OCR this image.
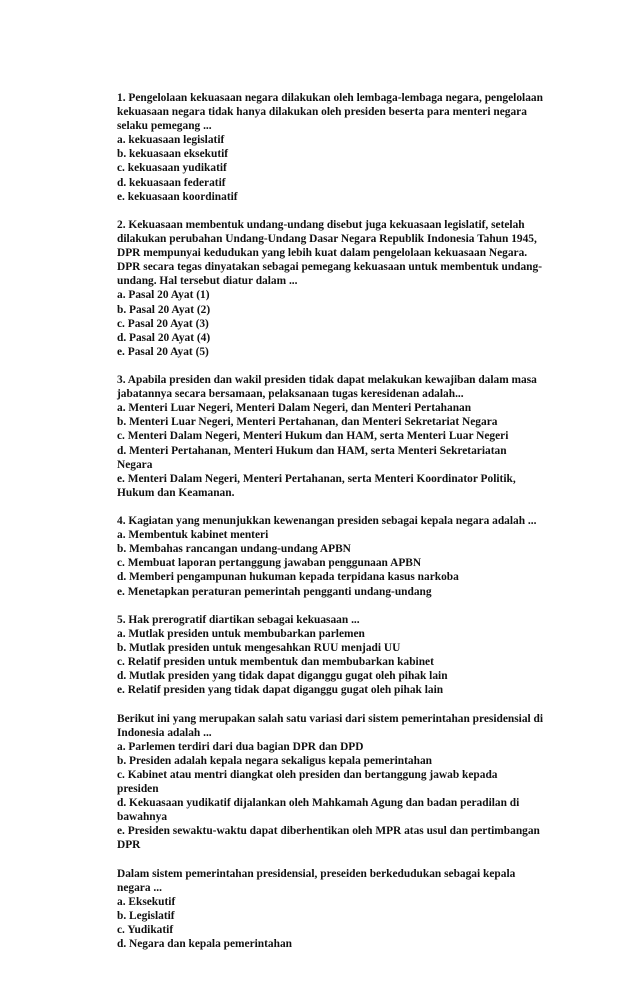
1. Pengelolaan kekuasaan negara dilakukan oleh lembaga-lembaga negara, pengelolaan
kekuasaan negara tidak hanya dilakukan oleh presiden beserta para menteri negara
selaku pemegang ...
a. kekuasaan legislatif
b. kekuasaan eksekutif
c. kekuasaan yudikatif
d. kekuasaan federatif
e. kekuasaan koordinatif
2. Kekuasaan membentuk undang-undang disebut juga kekuasaan legislatif, setelah
dilakukan perubahan Undang-Undang Dasar Negara Republik Indonesia Tahun 1945,
DPR mempunyai kedudukan yang lebih kuat dalam pengelolaan kekuasaan Negara.
DPR secara tegas dinyatakan sebagai pemegang kekuasaan untuk membentuk undang-
undang. Hal tersebut diatur dalam ...
a. Pasal 20 Ayat (1)
b. Pasal 20 Ayat (2)
c. Pasal 20 Ayat (3)
d. Pasal 20 Ayat (4)
e. Pasal 20 Ayat (5)
3. Apabila presiden dan wakil presiden tidak dapat melakukan kewajiban dalam masa
jabatannya secara bersamaan, pelaksanaan tugas keresidenan adalah...
a. Menteri Luar Negeri, Menteri Dalam Negeri, dan Menteri Pertahanan
b. Menteri Luar Negeri, Menteri Pertahanan, dan Menteri Sekretariat Negara
c. Menteri Dalam Negeri, Menteri Hukum dan HAM, serta Menteri Luar Negeri
d. Menteri Pertahanan, Menteri Hukum dan HAM, serta Menteri Sekretariatan
Negara
e. Menteri Dalam Negeri, Menteri Pertahanan, serta Menteri Koordinator Politik,
Hukum dan Keamanan.
4. Kagiatan yang menunjukkan kewenangan presiden sebagai kepala negara adalah ...
a. Membentuk kabinet menteri
b. Membahas rancangan undang-undang APBN
c. Membuat laporan pertanggung jawaban penggunaan APBN
d. Memberi pengampunan hukuman kepada terpidana kasus narkoba
e. Menetapkan peraturan pemerintah pengganti undang-undang
5. Hak prerogratif diartikan sebagai kekuasaan ...
a. Mutlak presiden untuk membubarkan parlemen
b. Mutlak presiden untuk mengesahkan RUU menjadi UU
c. Relatif presiden untuk membentuk dan membubarkan kabinet
d. Mutlak presiden yang tidak dapat diganggu gugat oleh pihak lain
e. Relatif presiden yang tidak dapat diganggu gugat oleh pihak lain
Berikut ini yang merupakan salah satu variasi dari sistem pemerintahan presidensial di
Indonesia adalah ...
a. Parlemen terdiri dari dua bagian DPR dan DPD
b. Presiden adalah kepala negara sekaligus kepala pemerintahan
c. Kabinet atau mentri diangkat oleh presiden dan bertanggung jawab kepada
presiden
d. Kekuasaan yudikatif dijalankan oleh Mahkamah Agung dan badan peradilan di
bawahnya
e. Presiden sewaktu-waktu dapat diberhentikan oleh MPR atas usul dan pertimbangan
DPR
Dalam sistem pemerintahan presidensial, preseiden berkedudukan sebagai kepala
negara ...
a. Eksekutif
b. Legislatif
c. Yudikatif
d. Negara dan kepala pemerintahan
